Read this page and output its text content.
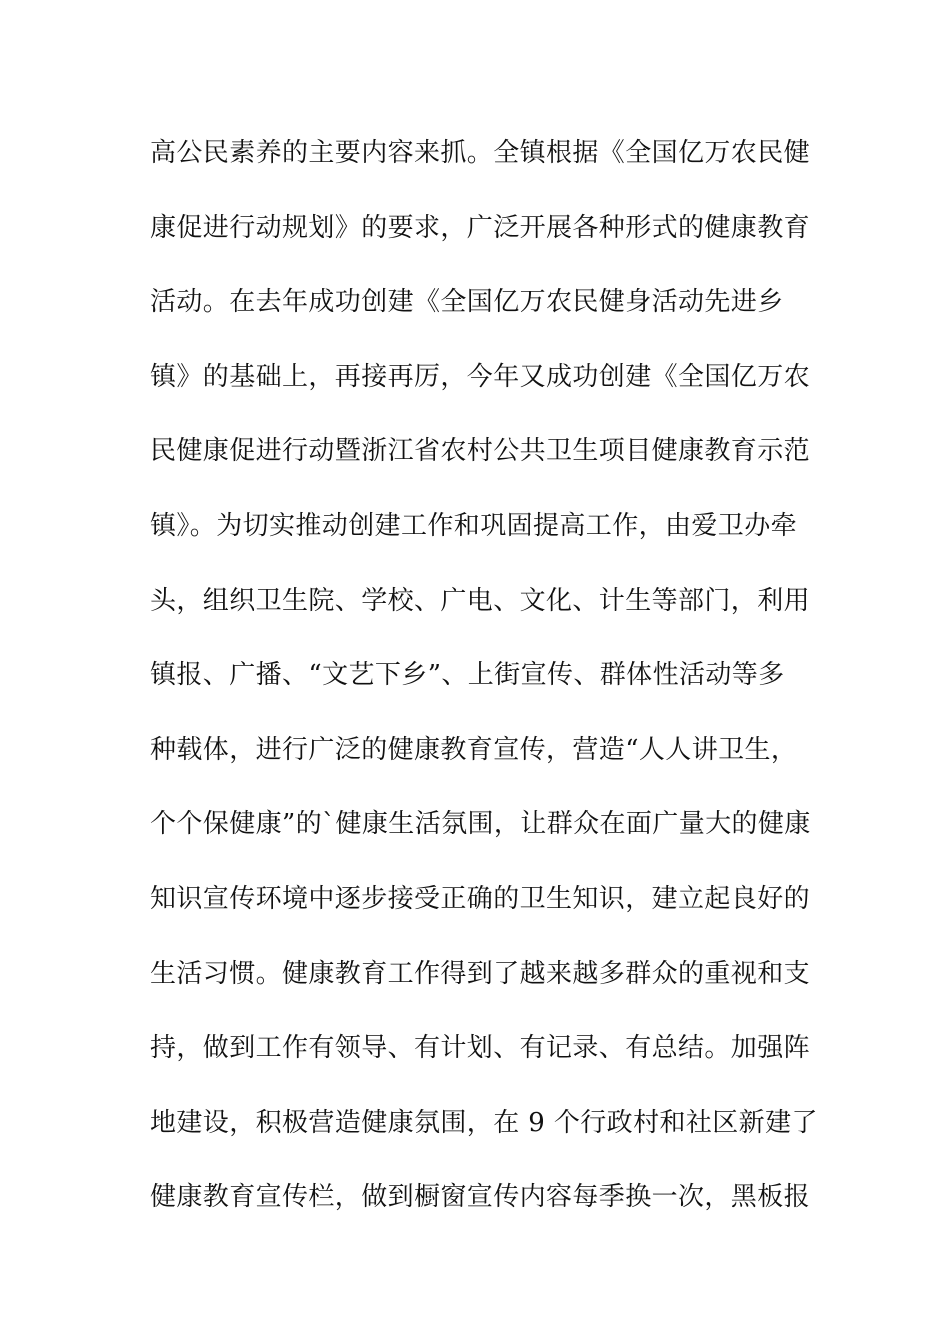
高公民素养的主要内容来抓。全镇根据《全国亿万农民健
康促进行动规划》的要求，广泛开展各种形式的健康教育
活动。在去年成功创建《全国亿万农民健身活动先进乡
镇》的基础上，再接再厉，今年又成功创建《全国亿万农
民健康促进行动暨浙江省农村公共卫生项目健康教育示范
镇》。为切实推动创建工作和巩固提高工作，由爱卫办牵
头，组织卫生院、学校、广电、文化、计生等部门，利用
镇报、广播、“文艺下乡”、上街宣传、群体性活动等多
种载体，进行广泛的健康教育宣传，营造“人人讲卫生，
个个保健康”的`健康生活氛围，让群众在面广量大的健康
知识宣传环境中逐步接受正确的卫生知识，建立起良好的
生活习惯。健康教育工作得到了越来越多群众的重视和支
持，做到工作有领导、有计划、有记录、有总结。加强阵
地建设，积极营造健康氛围，在 9 个行政村和社区新建了
健康教育宣传栏，做到橱窗宣传内容每季换一次，黑板报
